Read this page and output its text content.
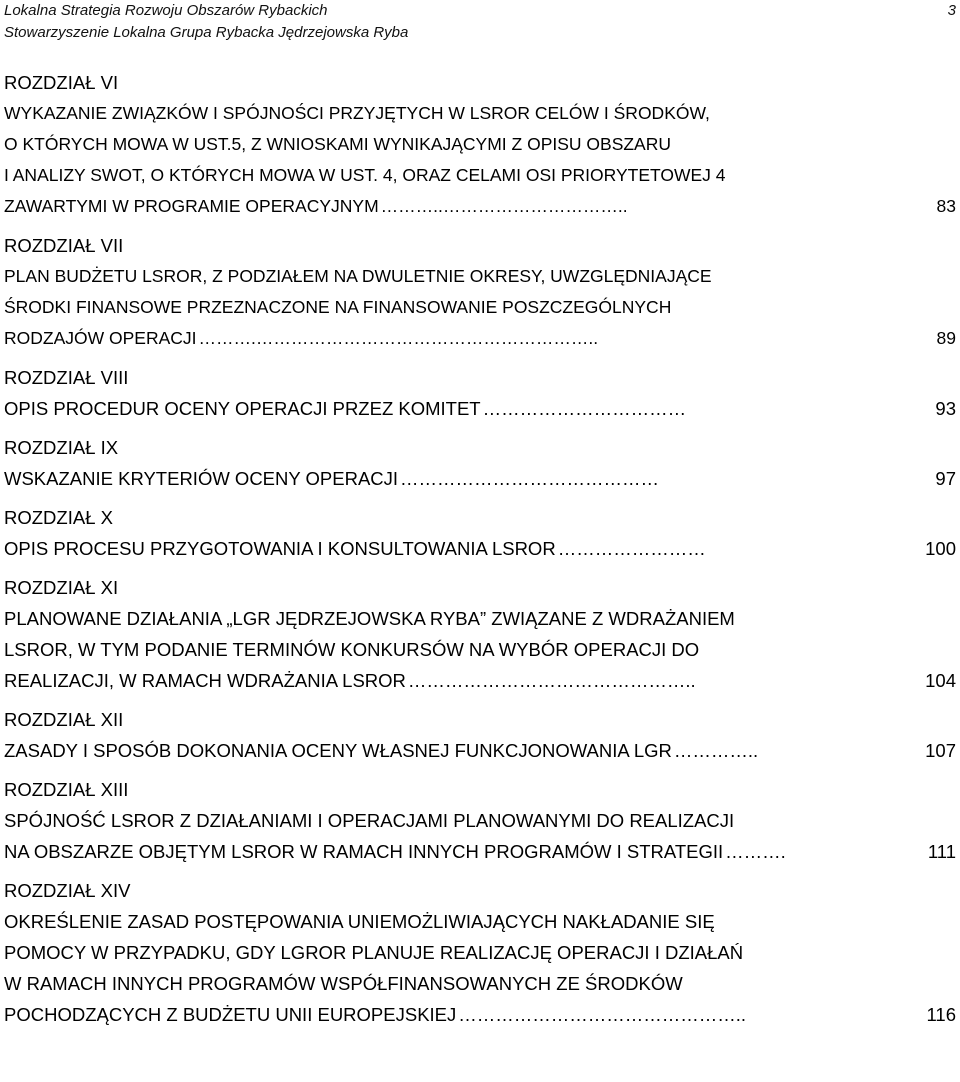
Lokalna Strategia Rozwoju Obszarów Rybackich
Stowarzyszenie Lokalna Grupa Rybacka Jędrzejowska Ryba
3
ROZDZIAŁ VI
WYKAZANIE ZWIĄZKÓW I SPÓJNOŚCI PRZYJĘTYCH W LSROR CELÓW I ŚRODKÓW,
O KTÓRYCH MOWA W UST.5, Z WNIOSKAMI WYNIKAJĄCYMI Z OPISU OBSZARU
I ANALIZY SWOT, O KTÓRYCH MOWA W UST. 4, ORAZ CELAMI OSI PRIORYTETOWEJ 4
ZAWARTYMI W PROGRAMIE OPERACYJNYM ………..…………………………..	83
ROZDZIAŁ VII
PLAN BUDŻETU LSROR, Z PODZIAŁEM NA DWULETNIE OKRESY, UWZGLĘDNIAJĄCE
ŚRODKI FINANSOWE PRZEZNACZONE NA FINANSOWANIE POSZCZEGÓLNYCH
RODZAJÓW OPERACJI ……….…………………………………………………..	89
ROZDZIAŁ VIII
OPIS PROCEDUR OCENY OPERACJI PRZEZ KOMITET ……………………………	93
ROZDZIAŁ IX
WSKAZANIE KRYTERIÓW OCENY OPERACJI ……………………………………	97
ROZDZIAŁ X
OPIS PROCESU PRZYGOTOWANIA I KONSULTOWANIA LSROR ……………………	100
ROZDZIAŁ XI
PLANOWANE DZIAŁANIA „LGR JĘDRZEJOWSKA RYBA” ZWIĄZANE Z WDRAŻANIEM
LSROR, W TYM PODANIE TERMINÓW KONKURSÓW NA WYBÓR OPERACJI DO
REALIZACJI, W RAMACH WDRAŻANIA LSROR ………………………………………..	104
ROZDZIAŁ XII
ZASADY I SPOSÓB DOKONANIA OCENY WŁASNEJ FUNKCJONOWANIA LGR …………..	107
ROZDZIAŁ XIII
SPÓJNOŚĆ LSROR Z DZIAŁANIAMI I OPERACJAMI PLANOWANYMI DO REALIZACJI
NA OBSZARZE OBJĘTYM LSROR W RAMACH INNYCH PROGRAMÓW I STRATEGII ……….	111
ROZDZIAŁ XIV
OKREŚLENIE ZASAD POSTĘPOWANIA UNIEMOŻLIWIAJĄCYCH NAKŁADANIE SIĘ
POMOCY W PRZYPADKU, GDY LGROR PLANUJE REALIZACJĘ OPERACJI I DZIAŁAŃ
W RAMACH INNYCH PROGRAMÓW WSPÓŁFINANSOWANYCH ZE ŚRODKÓW
POCHODZĄCYCH Z BUDŻETU UNII EUROPEJSKIEJ ………………………………………..	116
